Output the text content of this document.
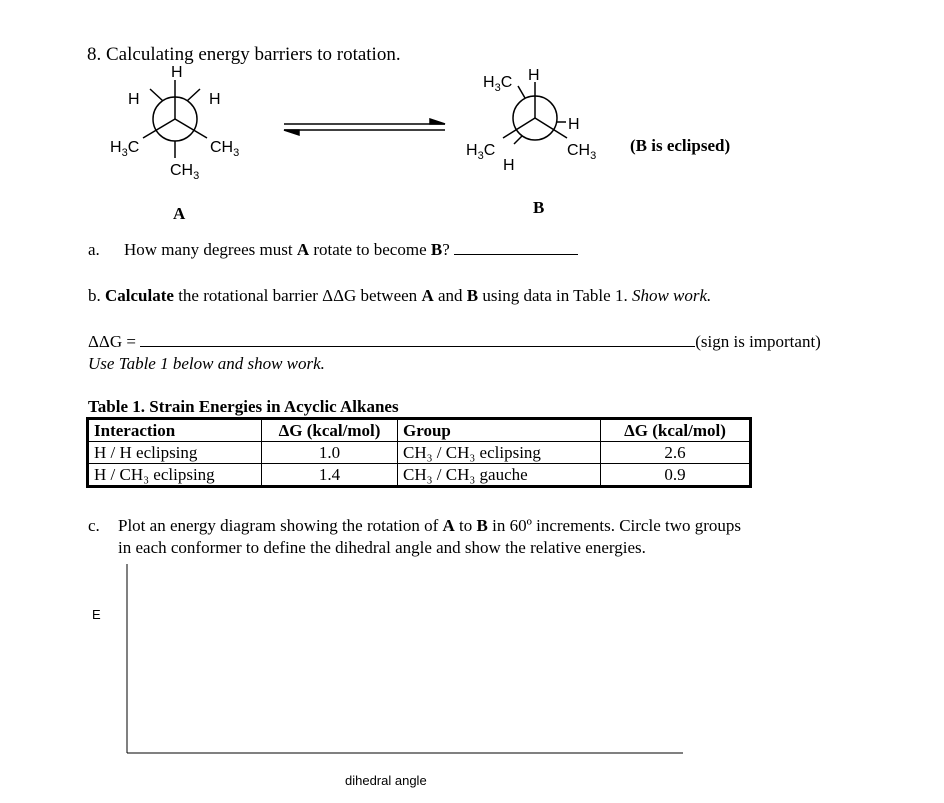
8. Calculating energy barriers to rotation.
H
H	H
$H_3C$	$CH_3$
$CH_3$
A
$H_3C$ H
H
$H_3C$	$CH_3$
H
B
(B is eclipsed)
a. How many degrees must A rotate to become B?
b. Calculate the rotational barrier ΔΔG between A and B using data in Table 1. Show work.
ΔΔG =	(sign is important)
Use Table 1 below and show work.
Table 1. Strain Energies in Acyclic Alkanes
Interaction	ΔG (kcal/mol)	Group	ΔG (kcal/mol)
H / H eclipsing	1.0	CH₃ / CH₃ eclipsing	2.6
H / CH₃ eclipsing	1.4	CH₃ / CH₃ gauche	0.9
c. Plot an energy diagram showing the rotation of A to B in 60º increments. Circle two groups
in each conformer to define the dihedral angle and show the relative energies.
E
dihedral angle
